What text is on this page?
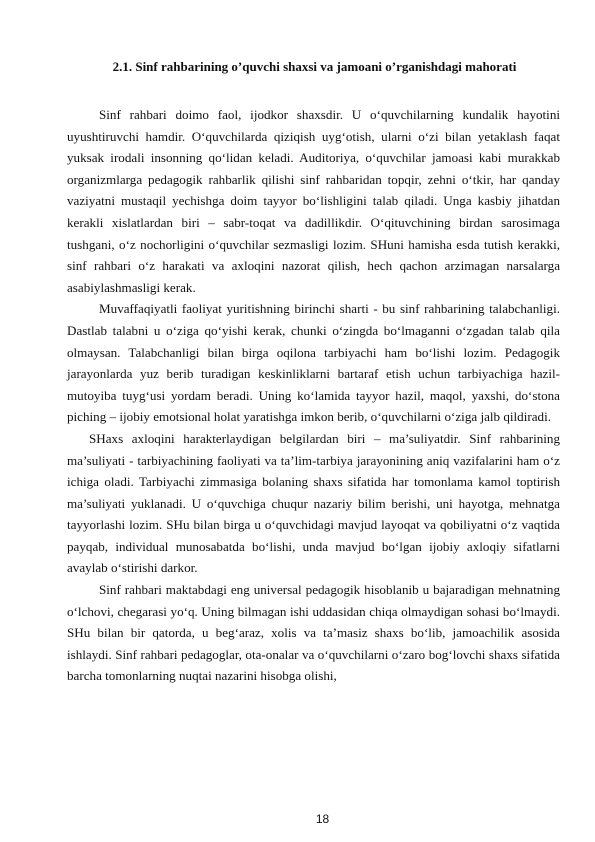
2.1. Sinf rahbarining o’quvchi shaxsi va jamoani o’rganishdagi mahorati

Sinf rahbari doimo faol, ijodkor shaxsdir. U o‘quvchilarning kundalik hayotini uyushtiruvchi hamdir. O‘quvchilarda qiziqish uyg‘otish, ularni o‘zi bilan yetaklash faqat yuksak irodali insonning qo‘lidan keladi. Auditoriya, o‘quvchilar jamoasi kabi murakkab organizmlarga pedagogik rahbarlik qilishi sinf rahbaridan topqir, zehni o‘tkir, har qanday vaziyatni mustaqil yechishga doim tayyor bo‘lishligini talab qiladi. Unga kasbiy jihatdan kerakli xislatlardan biri – sabr-toqat va dadillikdir. O‘qituvchining birdan sarosimaga tushgani, o‘z nochorligini o‘quvchilar sezmasligi lozim. SHuni hamisha esda tutish kerakki, sinf rahbari o‘z harakati va axloqini nazorat qilish, hech qachon arzimagan narsalarga asabiylashmasligi kerak.

Muvaffaqiyatli faoliyat yuritishning birinchi sharti - bu sinf rahbarining talabchanligi. Dastlab talabni u o‘ziga qo‘yishi kerak, chunki o‘zingda bo‘lmaganni o‘zgadan talab qila olmaysan. Talabchanligi bilan birga oqilona tarbiyachi ham bo‘lishi lozim. Pedagogik jarayonlarda yuz berib turadigan keskinliklarni bartaraf etish uchun tarbiyachiga hazil-mutoyiba tuyg‘usi yordam beradi. Uning ko‘lamida tayyor hazil, maqol, yaxshi, do‘stona piching – ijobiy emotsional holat yaratishga imkon berib, o‘quvchilarni o‘ziga jalb qildiradi.

SHaxs axloqini harakterlaydigan belgilardan biri – ma’suliyatdir. Sinf rahbarining ma’suliyati - tarbiyachining faoliyati va ta’lim-tarbiya jarayonining aniq vazifalarini ham o‘z ichiga oladi. Tarbiyachi zimmasiga bolaning shaxs sifatida har tomonlama kamol toptirish ma’suliyati yuklanadi. U o‘quvchiga chuqur nazariy bilim berishi, uni hayotga, mehnatga tayyorlashi lozim. SHu bilan birga u o‘quvchidagi mavjud layoqat va qobiliyatni o‘z vaqtida payqab, individual munosabatda bo‘lishi, unda mavjud bo‘lgan ijobiy axloqiy sifatlarni avaylab o‘stirishi darkor.

Sinf rahbari maktabdagi eng universal pedagogik hisoblanib u bajaradigan mehnatning o‘lchovi, chegarasi yo‘q. Uning bilmagan ishi uddasidan chiqa olmaydigan sohasi bo‘lmaydi. SHu bilan bir qatorda, u beg‘araz, xolis va ta’masiz shaxs bo‘lib, jamoachilik asosida ishlaydi. Sinf rahbari pedagoglar, ota-onalar va o‘quvchilarni o‘zaro bog‘lovchi shaxs sifatida barcha tomonlarning nuqtai nazarini hisobga olishi,

18
